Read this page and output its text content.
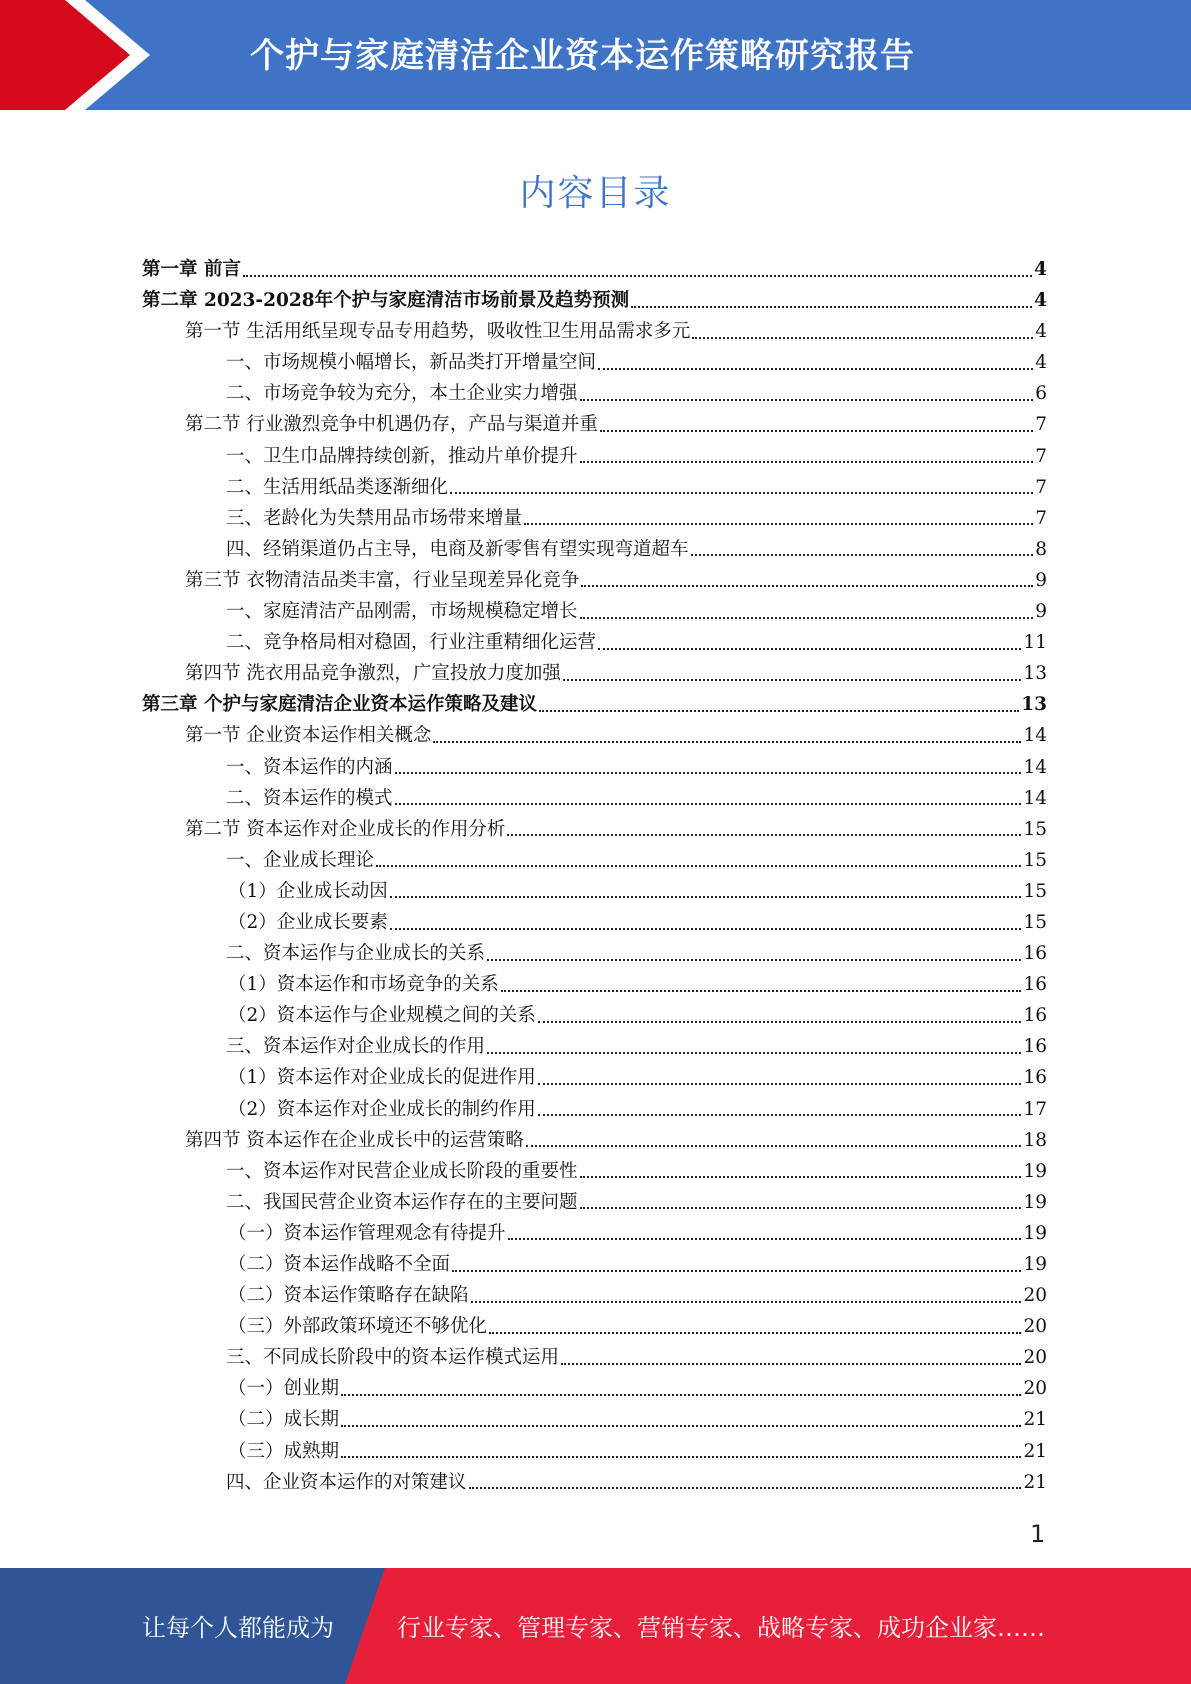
个护与家庭清洁企业资本运作策略研究报告
内容目录
第一章 前言	4
第二章 2023-2028年个护与家庭清洁市场前景及趋势预测	4
第一节 生活用纸呈现专品专用趋势，吸收性卫生用品需求多元	4
一、市场规模小幅增长，新品类打开增量空间	4
二、市场竞争较为充分，本土企业实力增强	6
第二节 行业激烈竞争中机遇仍存，产品与渠道并重	7
一、卫生巾品牌持续创新，推动片单价提升	7
二、生活用纸品类逐渐细化	7
三、老龄化为失禁用品市场带来增量	7
四、经销渠道仍占主导，电商及新零售有望实现弯道超车	8
第三节 衣物清洁品类丰富，行业呈现差异化竞争	9
一、家庭清洁产品刚需，市场规模稳定增长	9
二、竞争格局相对稳固，行业注重精细化运营	11
第四节 洗衣用品竞争激烈，广宣投放力度加强	13
第三章 个护与家庭清洁企业资本运作策略及建议	13
第一节 企业资本运作相关概念	14
一、资本运作的内涵	14
二、资本运作的模式	14
第二节 资本运作对企业成长的作用分析	15
一、企业成长理论	15
（1）企业成长动因	15
（2）企业成长要素	15
二、资本运作与企业成长的关系	16
（1）资本运作和市场竞争的关系	16
（2）资本运作与企业规模之间的关系	16
三、资本运作对企业成长的作用	16
（1）资本运作对企业成长的促进作用	16
（2）资本运作对企业成长的制约作用	17
第四节 资本运作在企业成长中的运营策略	18
一、资本运作对民营企业成长阶段的重要性	19
二、我国民营企业资本运作存在的主要问题	19
（一）资本运作管理观念有待提升	19
（二）资本运作战略不全面	19
（二）资本运作策略存在缺陷	20
（三）外部政策环境还不够优化	20
三、不同成长阶段中的资本运作模式运用	20
（一）创业期	20
（二）成长期	21
（三）成熟期	21
四、企业资本运作的对策建议	21
1
让每个人都能成为	行业专家、管理专家、营销专家、战略专家、成功企业家……
